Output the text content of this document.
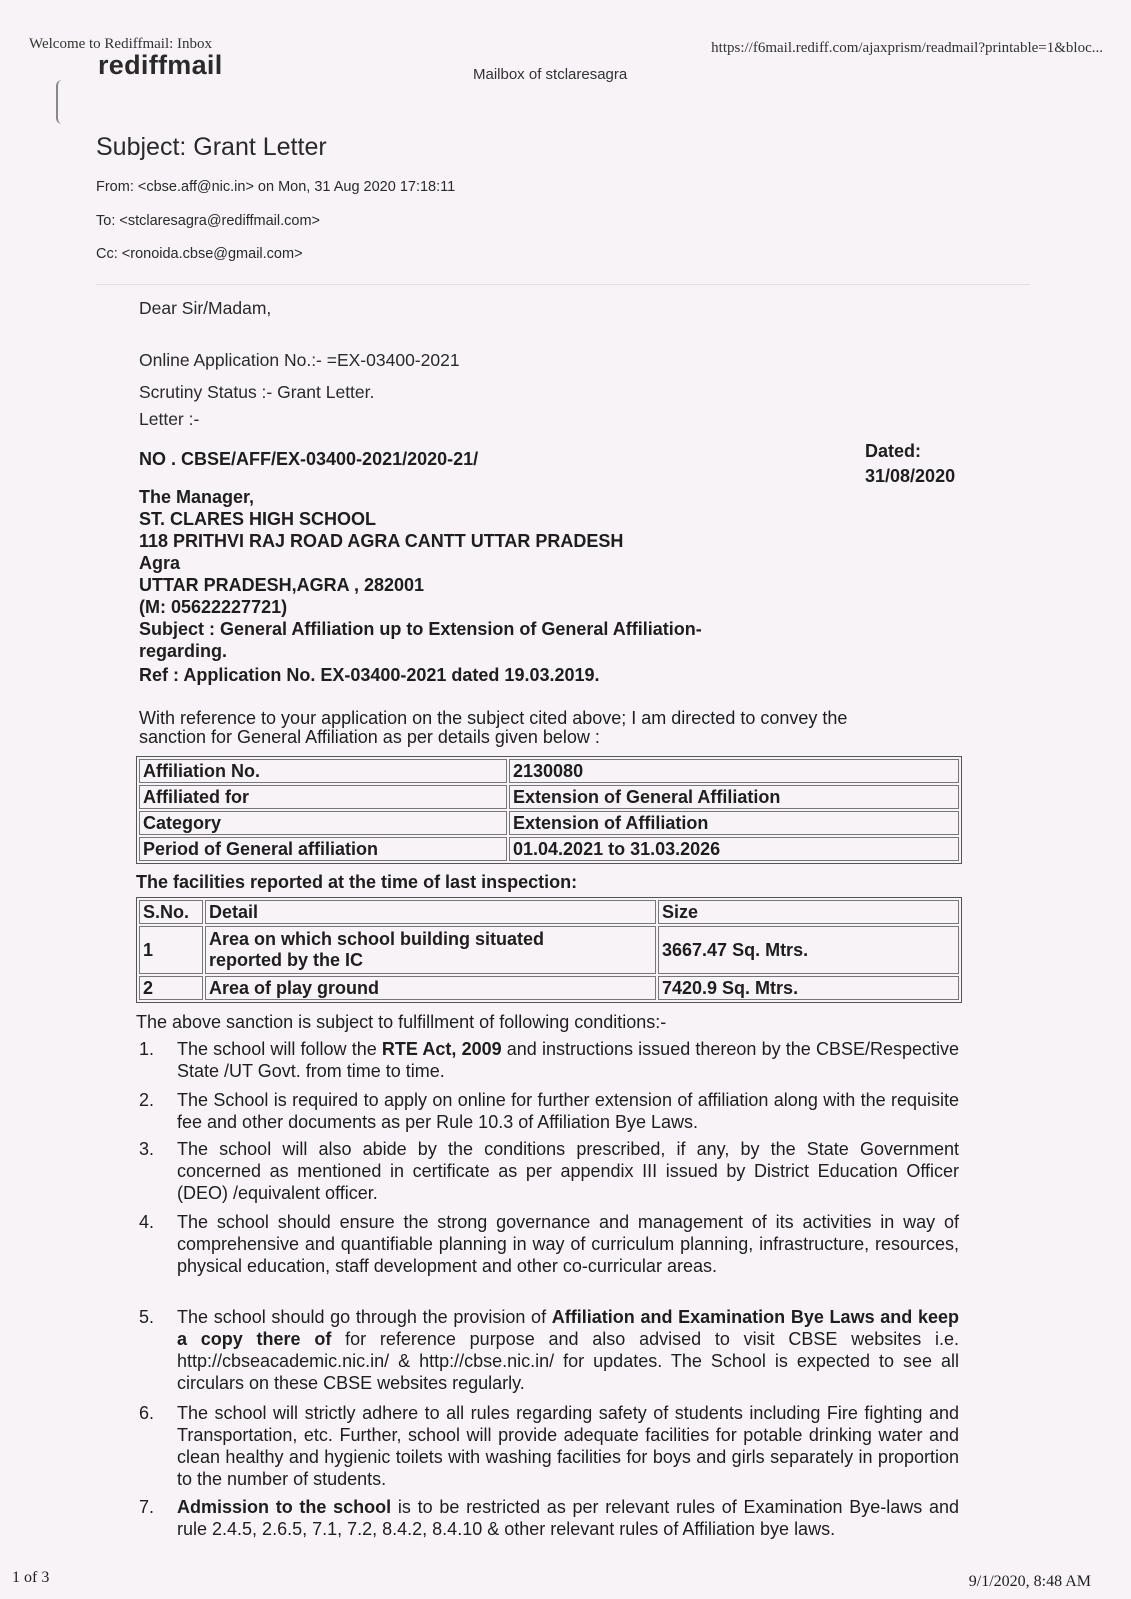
Welcome to Rediffmail: Inbox	https://f6mail.rediff.com/ajaxprism/readmail?printable=1&bloc...
rediffmail	Mailbox of stclaresagra
Subject: Grant Letter
From: <cbse.aff@nic.in> on Mon, 31 Aug 2020 17:18:11
To: <stclaresagra@rediffmail.com>
Cc: <ronoida.cbse@gmail.com>
Dear Sir/Madam,
Online Application No.:- =EX-03400-2021
Scrutiny Status :- Grant Letter.
Letter :-
NO . CBSE/AFF/EX-03400-2021/2020-21/	Dated:
31/08/2020
The Manager,
ST. CLARES HIGH SCHOOL
118 PRITHVI RAJ ROAD AGRA CANTT UTTAR PRADESH
Agra
UTTAR PRADESH,AGRA , 282001
(M: 05622227721)
Subject : General Affiliation up to Extension of General Affiliation-
regarding.
Ref : Application No. EX-03400-2021 dated 19.03.2019.
With reference to your application on the subject cited above; I am directed to convey the
sanction for General Affiliation as per details given below :
Affiliation No.	2130080
Affiliated for	Extension of General Affiliation
Category	Extension of Affiliation
Period of General affiliation	01.04.2021 to 31.03.2026
The facilities reported at the time of last inspection:
S.No.	Detail	Size
1	Area on which school building situated
reported by the IC	3667.47 Sq. Mtrs.
2	Area of play ground	7420.9 Sq. Mtrs.
The above sanction is subject to fulfillment of following conditions:-
1.	The school will follow the RTE Act, 2009 and instructions issued thereon by the CBSE/Respective State /UT Govt. from time to time.
2.	The School is required to apply on online for further extension of affiliation along with the requisite fee and other documents as per Rule 10.3 of Affiliation Bye Laws.
3.	The school will also abide by the conditions prescribed, if any, by the State Government concerned as mentioned in certificate as per appendix III issued by District Education Officer (DEO) /equivalent officer.
4.	The school should ensure the strong governance and management of its activities in way of comprehensive and quantifiable planning in way of curriculum planning, infrastructure, resources, physical education, staff development and other co-curricular areas.
5.	The school should go through the provision of Affiliation and Examination Bye Laws and keep a copy there of for reference purpose and also advised to visit CBSE websites i.e. http://cbseacademic.nic.in/ & http://cbse.nic.in/ for updates. The School is expected to see all circulars on these CBSE websites regularly.
6.	The school will strictly adhere to all rules regarding safety of students including Fire fighting and Transportation, etc. Further, school will provide adequate facilities for potable drinking water and clean healthy and hygienic toilets with washing facilities for boys and girls separately in proportion to the number of students.
7.	Admission to the school is to be restricted as per relevant rules of Examination Bye-laws and rule 2.4.5, 2.6.5, 7.1, 7.2, 8.4.2, 8.4.10 & other relevant rules of Affiliation bye laws.
1 of 3	9/1/2020, 8:48 AM
